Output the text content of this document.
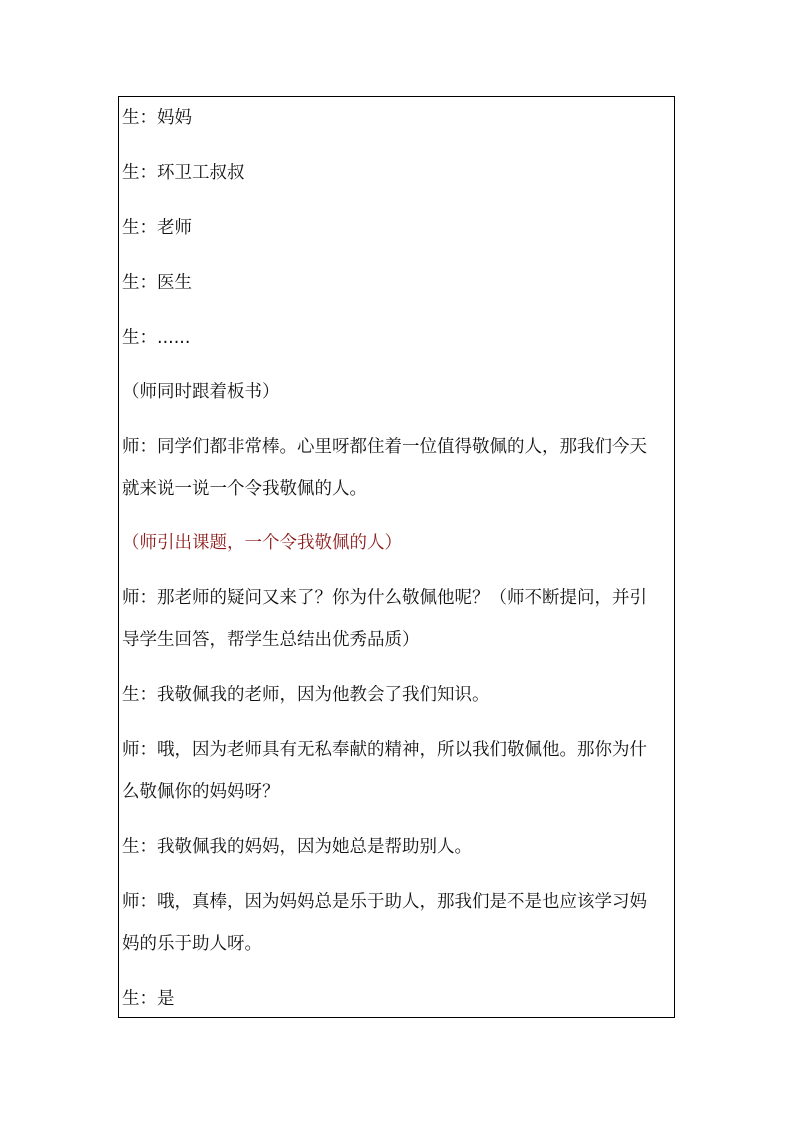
生：妈妈

生：环卫工叔叔

生：老师

生：医生

生：......

（师同时跟着板书）

师：同学们都非常棒。心里呀都住着一位值得敬佩的人，那我们今天

就来说一说一个令我敬佩的人。

（师引出课题，一个令我敬佩的人）

师：那老师的疑问又来了？你为什么敬佩他呢？（师不断提问，并引

导学生回答，帮学生总结出优秀品质）

生：我敬佩我的老师，因为他教会了我们知识。

师：哦，因为老师具有无私奉献的精神，所以我们敬佩他。那你为什

么敬佩你的妈妈呀？

生：我敬佩我的妈妈，因为她总是帮助别人。

师：哦，真棒，因为妈妈总是乐于助人，那我们是不是也应该学习妈

妈的乐于助人呀。

生：是
